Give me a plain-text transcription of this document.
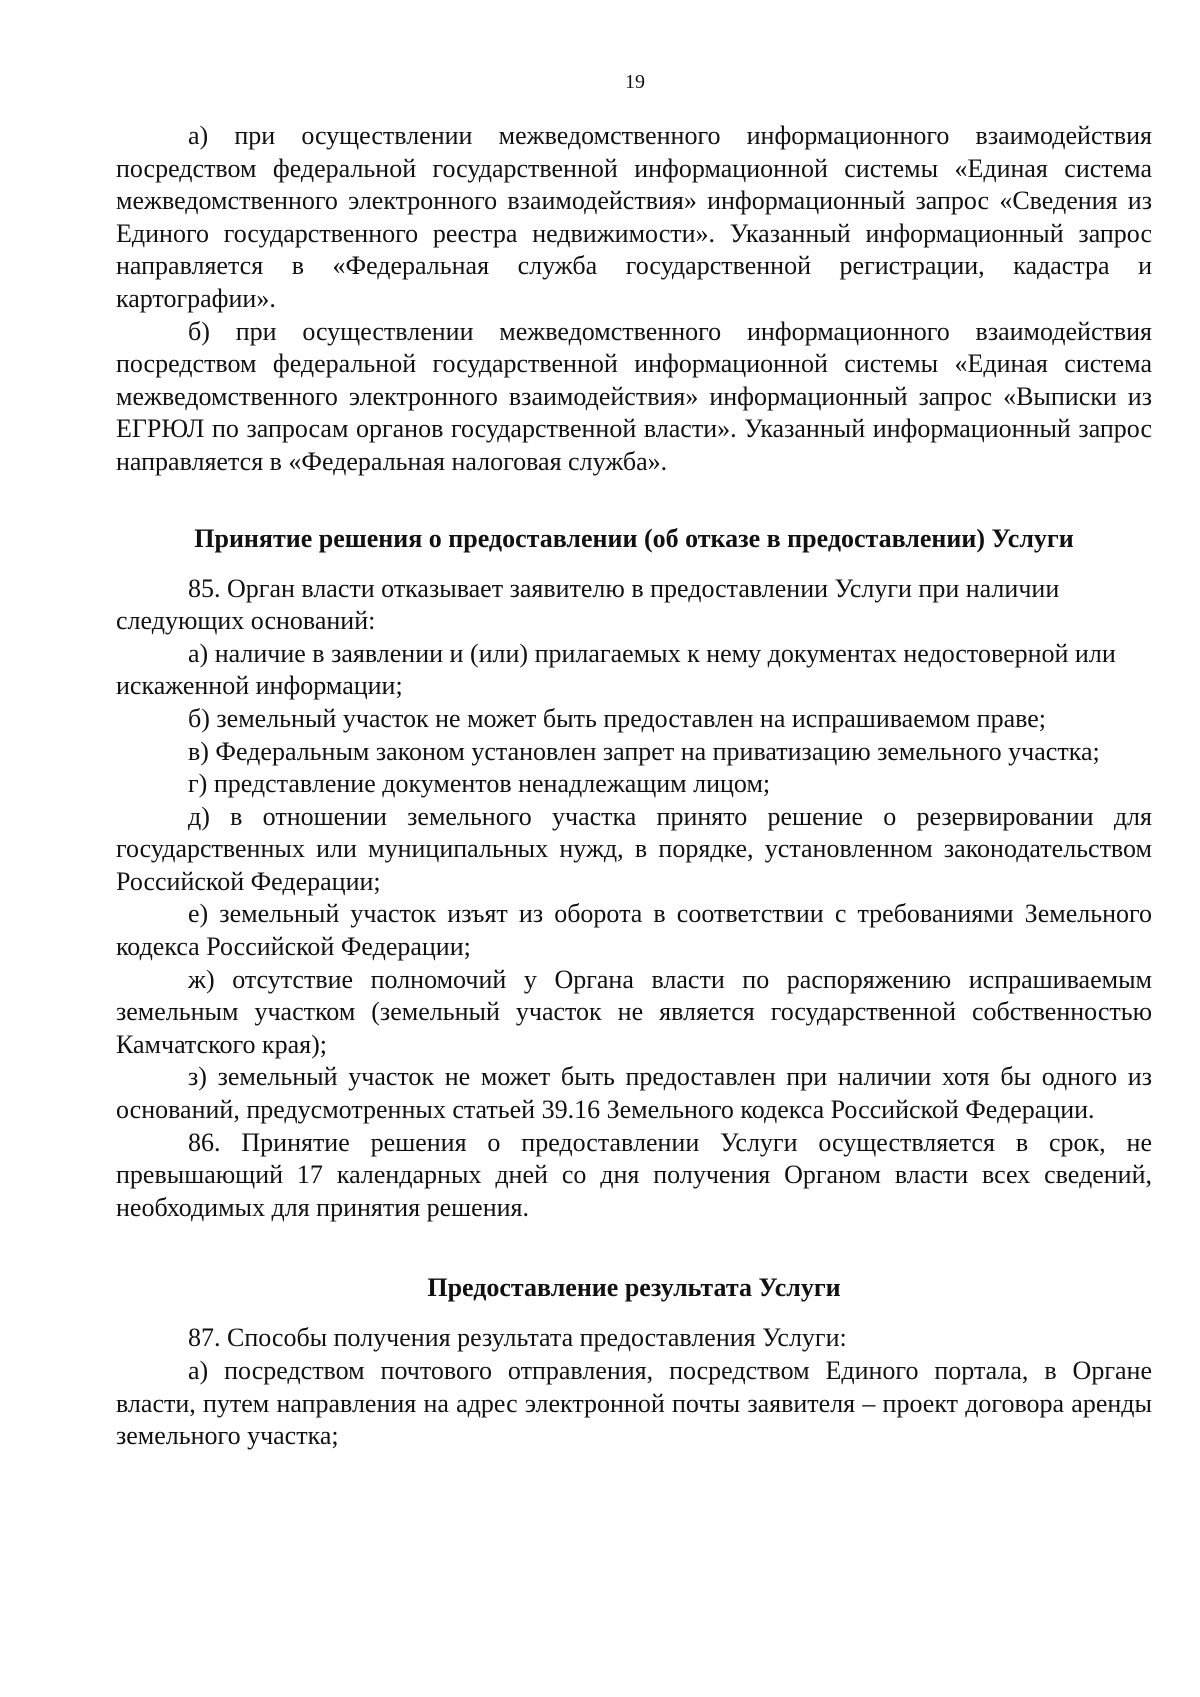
19

а) при осуществлении межведомственного информационного взаимодействия посредством федеральной государственной информационной системы «Единая система межведомственного электронного взаимодействия» информационный запрос «Сведения из Единого государственного реестра недвижимости». Указанный информационный запрос направляется в «Федеральная служба государственной регистрации, кадастра и картографии».

б) при осуществлении межведомственного информационного взаимодействия посредством федеральной государственной информационной системы «Единая система межведомственного электронного взаимодействия» информационный запрос «Выписки из ЕГРЮЛ по запросам органов государственной власти». Указанный информационный запрос направляется в «Федеральная налоговая служба».

Принятие решения о предоставлении (об отказе в предоставлении) Услуги

85. Орган власти отказывает заявителю в предоставлении Услуги при наличии следующих оснований:

а) наличие в заявлении и (или) прилагаемых к нему документах недостоверной или искаженной информации;

б) земельный участок не может быть предоставлен на испрашиваемом праве;

в) Федеральным законом установлен запрет на приватизацию земельного участка;

г) представление документов ненадлежащим лицом;

д) в отношении земельного участка принято решение о резервировании для государственных или муниципальных нужд, в порядке, установленном законодательством Российской Федерации;

е) земельный участок изъят из оборота в соответствии с требованиями Земельного кодекса Российской Федерации;

ж) отсутствие полномочий у Органа власти по распоряжению испрашиваемым земельным участком (земельный участок не является государственной собственностью Камчатского края);

з) земельный участок не может быть предоставлен при наличии хотя бы одного из оснований, предусмотренных статьей 39.16 Земельного кодекса Российской Федерации.

86. Принятие решения о предоставлении Услуги осуществляется в срок, не превышающий 17 календарных дней со дня получения Органом власти всех сведений, необходимых для принятия решения.

Предоставление результата Услуги

87. Способы получения результата предоставления Услуги:

а) посредством почтового отправления, посредством Единого портала, в Органе власти, путем направления на адрес электронной почты заявителя – проект договора аренды земельного участка;
